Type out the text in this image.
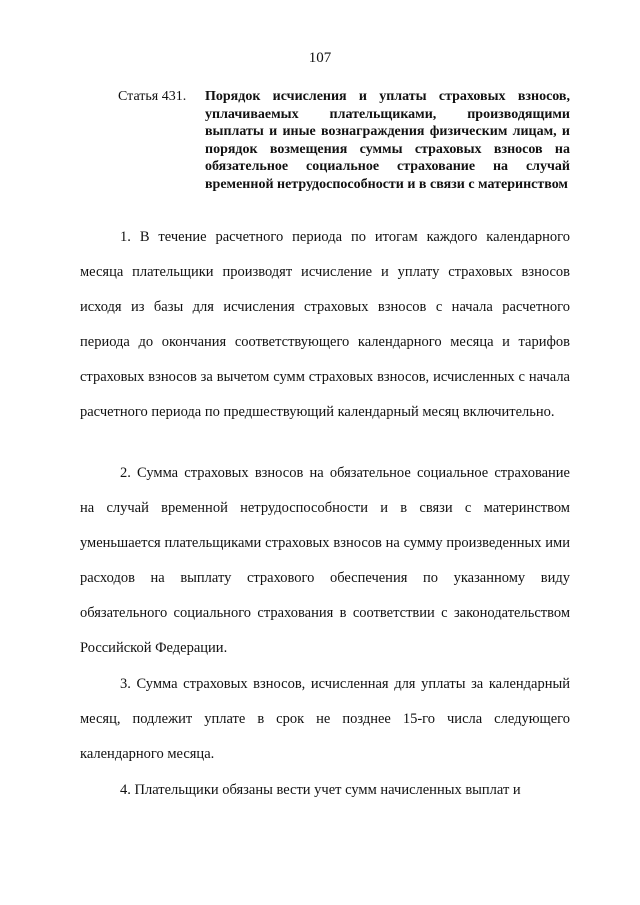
107
Статья 431.	Порядок исчисления и уплаты страховых взносов, уплачиваемых плательщиками, производящими выплаты и иные вознаграждения физическим лицам, и порядок возмещения суммы страховых взносов на обязательное социальное страхование на случай временной нетрудоспособности и в связи с материнством

1. В течение расчетного периода по итогам каждого календарного месяца плательщики производят исчисление и уплату страховых взносов исходя из базы для исчисления страховых взносов с начала расчетного периода до окончания соответствующего календарного месяца и тарифов страховых взносов за вычетом сумм страховых взносов, исчисленных с начала расчетного периода по предшествующий календарный месяц включительно.

2. Сумма страховых взносов на обязательное социальное страхование на случай временной нетрудоспособности и в связи с материнством уменьшается плательщиками страховых взносов на сумму произведенных ими расходов на выплату страхового обеспечения по указанному виду обязательного социального страхования в соответствии с законодательством Российской Федерации.

3. Сумма страховых взносов, исчисленная для уплаты за календарный месяц, подлежит уплате в срок не позднее 15-го числа следующего календарного месяца.

4. Плательщики обязаны вести учет сумм начисленных выплат и
